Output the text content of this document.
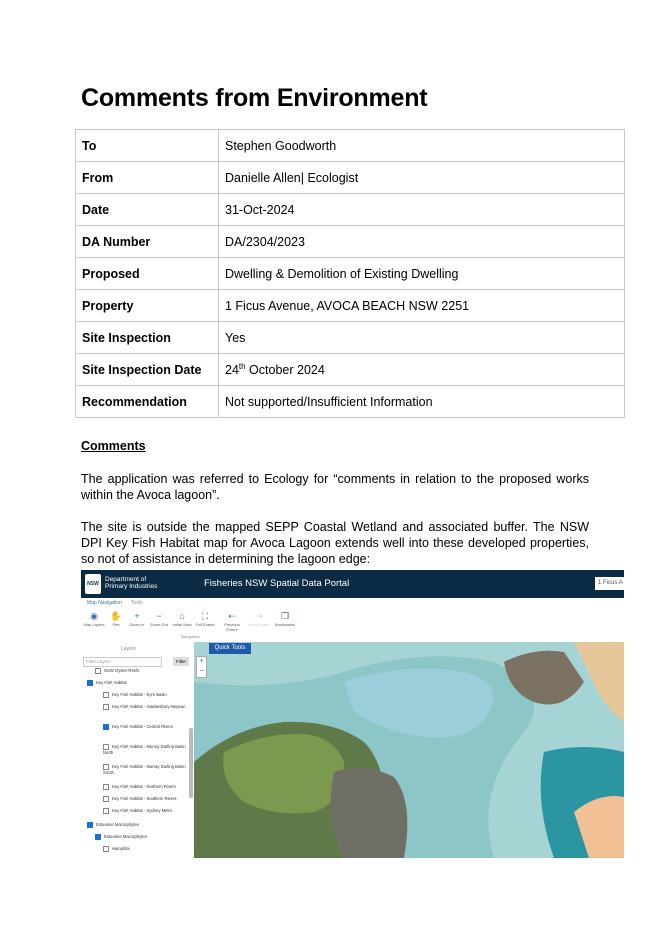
Comments from Environment
To	Stephen Goodworth
From	Danielle Allen| Ecologist
Date	31-Oct-2024
DA Number	DA/2304/2023
Proposed	Dwelling & Demolition of Existing Dwelling
Property	1 Ficus Avenue, AVOCA BEACH NSW 2251
Site Inspection	Yes
Site Inspection Date	24th October 2024
Recommendation	Not supported/Insufficient Information
Comments
The application was referred to Ecology for “comments in relation to the proposed works within the Avoca lagoon”.
The site is outside the mapped SEPP Coastal Wetland and associated buffer. The NSW DPI Key Fish Habitat map for Avoca Lagoon extends well into these developed properties, so not of assistance in determining the lagoon edge:
NSW
Department of
Primary Industries	Fisheries NSW Spatial Data Portal	1 Ficus A
Map Navigation Tools
◉
Map Layers
✋
Pan
+
Zoom In
−
Zoom Out
⌂
Initial View
⛶
Full Extent
⇠
Previous Extent
⇢
Next Extent
❐
Bookmarks
Navigation
Layers
Filter Layers	Filter
NSW Oyster Reefs
Key Fish Habitat
Key Fish Habitat - Eyre Basin
Key Fish Habitat - Hawkesbury-Nepean
Key Fish Habitat - Central Rivers
Key Fish Habitat - Murray Darling Basin North
Key Fish Habitat - Murray Darling Basin South
Key Fish Habitat - Northern Rivers
Key Fish Habitat - Southern Rivers
Key Fish Habitat - Sydney Metro
Estuarine Macrophytes
Estuarine Macrophytes
Halophila
Quick Tools
+
−
